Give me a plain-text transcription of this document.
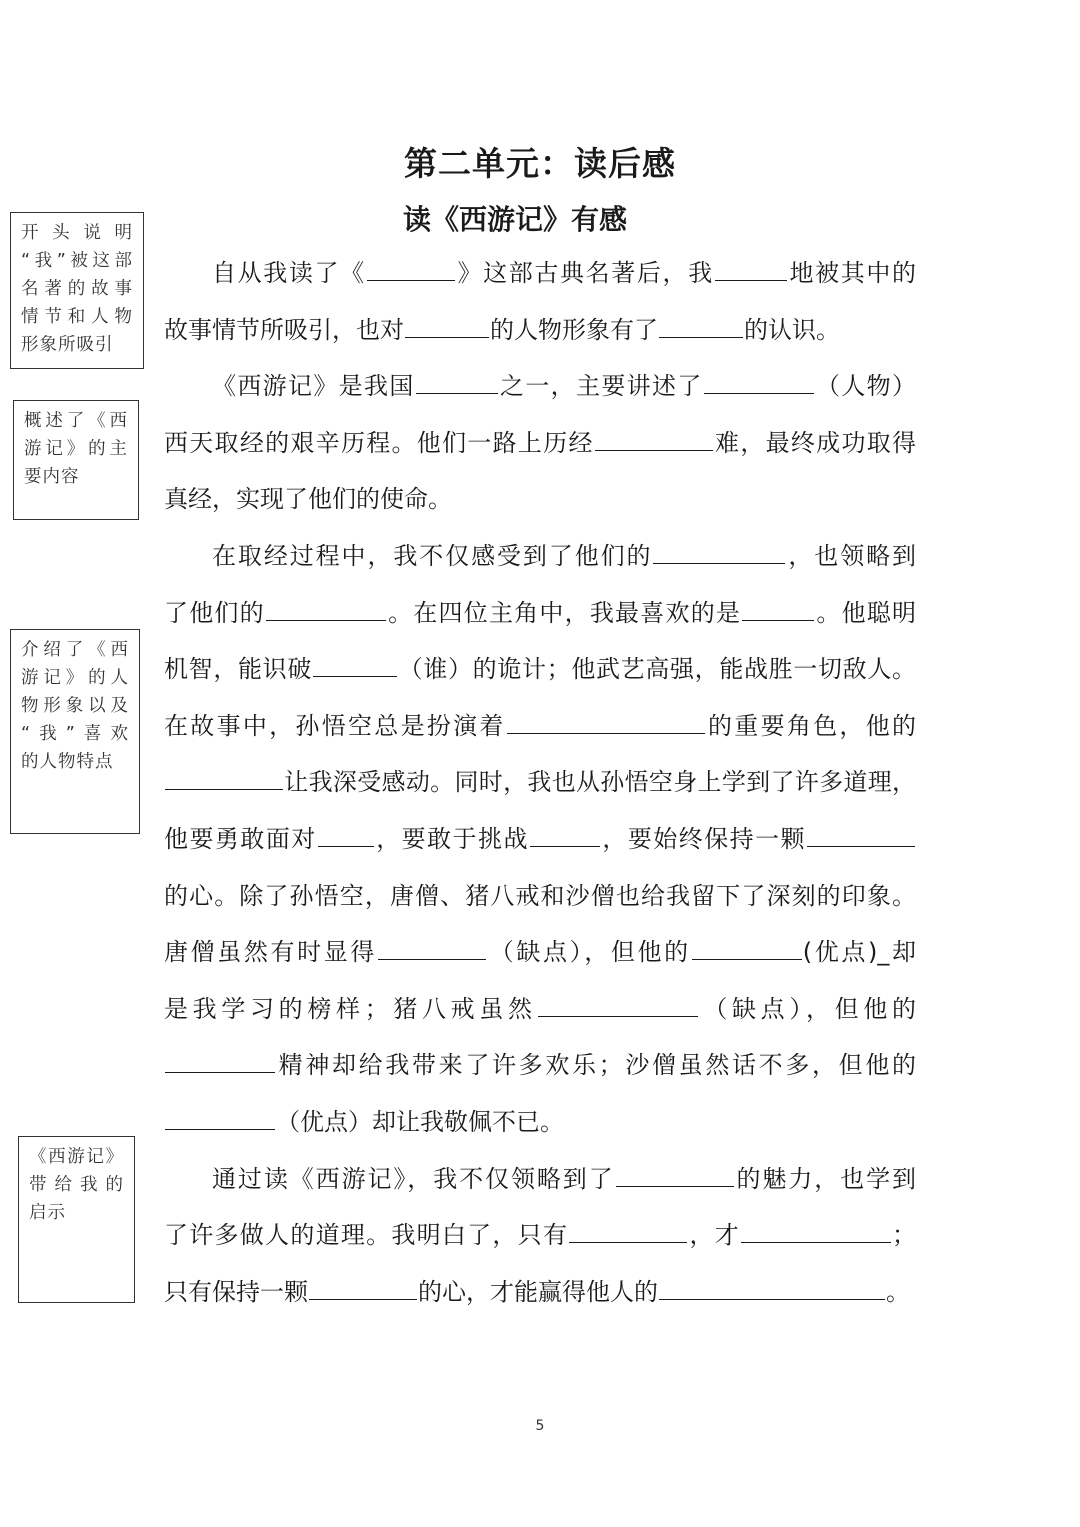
第二单元：读后感
读《西游记》有感
开头说明
“我”被这部
名著的故事
情节和人物
形象所吸引
概述了《西
游记》的主
要内容
介绍了《西
游记》的人
物形象以及
“我”喜欢
的人物特点
《西游记》
带给我的
启示

自从我读了《	》这部古典名著后，我	地被其中的

故事情节所吸引，也对	的人物形象有了	的认识。

《西游记》是我国	之一，主要讲述了	（人物）

西天取经的艰辛历程。他们一路上历经	难，最终成功取得

真经，实现了他们的使命。

在取经过程中，我不仅感受到了他们的	，也领略到

了他们的	。在四位主角中，我最喜欢的是	。他聪明

机智，能识破	（谁）的诡计；他武艺高强，能战胜一切敌人。

在故事中，孙悟空总是扮演着	的重要角色，他的

让我深受感动。同时，我也从孙悟空身上学到了许多道理，

他要勇敢面对 ，要敢于挑战	，要始终保持一颗

的心。除了孙悟空，唐僧、猪八戒和沙僧也给我留下了深刻的印象。

唐僧虽然有时显得	（缺点），但他的	(优点)_却

是我学习的榜样；猪八戒虽然	（缺点），但他的

精神却给我带来了许多欢乐；沙僧虽然话不多，但他的

（优点）却让我敬佩不已。

通过读《西游记》，我不仅领略到了	的魅力，也学到

了许多做人的道理。我明白了，只有	，才	；

只有保持一颗	的心，才能赢得他人的	。

5
